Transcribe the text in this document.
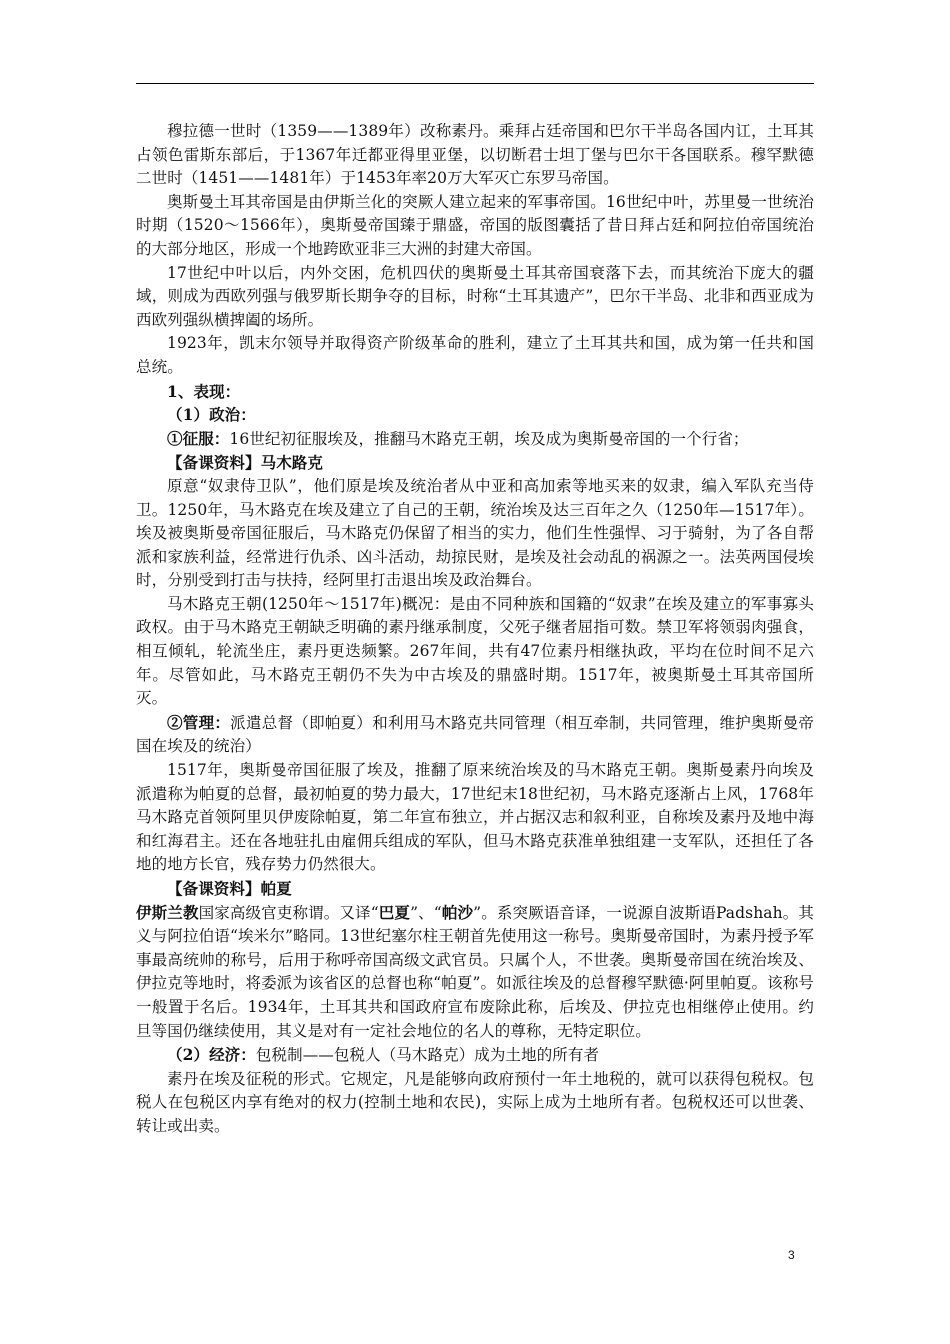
穆拉德一世时（1359——1389年）改称素丹。乘拜占廷帝国和巴尔干半岛各国内讧，土耳其占领色雷斯东部后，于1367年迁都亚得里亚堡，以切断君士坦丁堡与巴尔干各国联系。穆罕默德二世时（1451——1481年）于1453年率20万大军灭亡东罗马帝国。

奥斯曼土耳其帝国是由伊斯兰化的突厥人建立起来的军事帝国。16世纪中叶，苏里曼一世统治时期（1520～1566年），奥斯曼帝国臻于鼎盛，帝国的版图囊括了昔日拜占廷和阿拉伯帝国统治的大部分地区，形成一个地跨欧亚非三大洲的封建大帝国。

17世纪中叶以后，内外交困，危机四伏的奥斯曼土耳其帝国衰落下去，而其统治下庞大的疆域，则成为西欧列强与俄罗斯长期争夺的目标，时称“土耳其遗产”，巴尔干半岛、北非和西亚成为西欧列强纵横捭阖的场所。

1923年，凯末尔领导并取得资产阶级革命的胜利，建立了土耳其共和国，成为第一任共和国总统。

1、表现：

（1）政治：

①征服：16世纪初征服埃及，推翻马木路克王朝，埃及成为奥斯曼帝国的一个行省；

【备课资料】马木路克

原意“奴隶侍卫队”，他们原是埃及统治者从中亚和高加索等地买来的奴隶，编入军队充当侍卫。1250年，马木路克在埃及建立了自己的王朝，统治埃及达三百年之久（1250年—1517年）。埃及被奥斯曼帝国征服后，马木路克仍保留了相当的实力，他们生性强悍、习于骑射，为了各自帮派和家族利益，经常进行仇杀、凶斗活动，劫掠民财，是埃及社会动乱的祸源之一。法英两国侵埃时，分别受到打击与扶持，经阿里打击退出埃及政治舞台。

马木路克王朝(1250年～1517年)概况：是由不同种族和国籍的“奴隶”在埃及建立的军事寡头政权。由于马木路克王朝缺乏明确的素丹继承制度，父死子继者屈指可数。禁卫军将领弱肉强食，相互倾轧，轮流坐庄，素丹更迭频繁。267年间，共有47位素丹相继执政，平均在位时间不足六年。尽管如此，马木路克王朝仍不失为中古埃及的鼎盛时期。1517年，被奥斯曼土耳其帝国所灭。

②管理：派遣总督（即帕夏）和利用马木路克共同管理（相互牵制，共同管理，维护奥斯曼帝国在埃及的统治）

1517年，奥斯曼帝国征服了埃及，推翻了原来统治埃及的马木路克王朝。奥斯曼素丹向埃及派遣称为帕夏的总督，最初帕夏的势力最大，17世纪末18世纪初，马木路克逐渐占上风，1768年马木路克首领阿里贝伊废除帕夏，第二年宣布独立，并占据汉志和叙利亚，自称埃及素丹及地中海和红海君主。还在各地驻扎由雇佣兵组成的军队，但马木路克获准单独组建一支军队，还担任了各地的地方长官，残存势力仍然很大。

【备课资料】帕夏

伊斯兰教国家高级官吏称谓。又译“巴夏”、“帕沙”。系突厥语音译，一说源自波斯语Padshah。其义与阿拉伯语“埃米尔”略同。13世纪塞尔柱王朝首先使用这一称号。奥斯曼帝国时，为素丹授予军事最高统帅的称号，后用于称呼帝国高级文武官员。只属个人，不世袭。奥斯曼帝国在统治埃及、伊拉克等地时，将委派为该省区的总督也称“帕夏”。如派往埃及的总督穆罕默德·阿里帕夏。该称号一般置于名后。1934年，土耳其共和国政府宣布废除此称，后埃及、伊拉克也相继停止使用。约旦等国仍继续使用，其义是对有一定社会地位的名人的尊称，无特定职位。

（2）经济：包税制——包税人（马木路克）成为土地的所有者

素丹在埃及征税的形式。它规定，凡是能够向政府预付一年土地税的，就可以获得包税权。包税人在包税区内享有绝对的权力(控制土地和农民)，实际上成为土地所有者。包税权还可以世袭、转让或出卖。

3
